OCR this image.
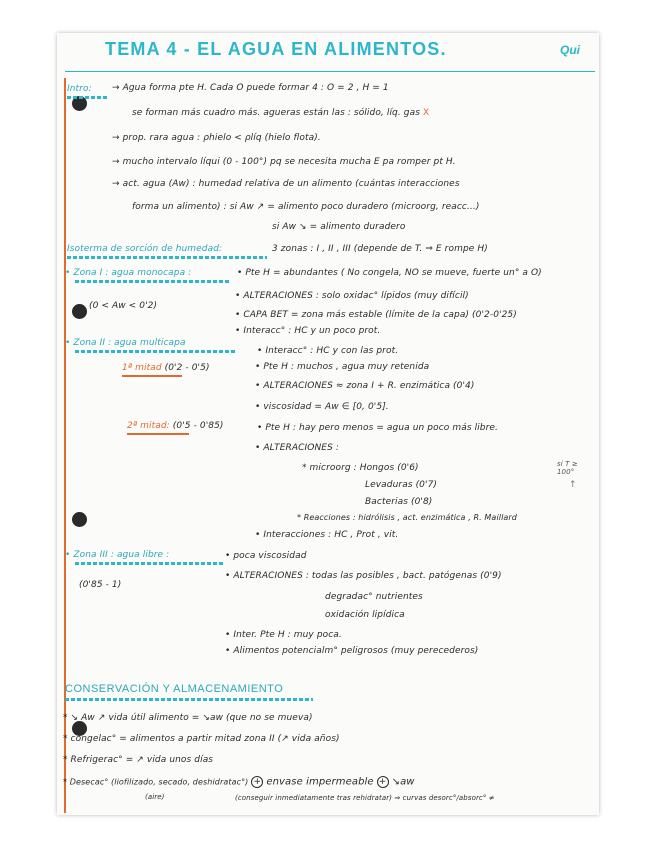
TEMA 4 - EL AGUA EN ALIMENTOS.	Qui
Intro: → Agua forma pte H. Cada O puede formar 4 : O = 2 , H = 1
se forman más cuadro más. agueras están las : sólido, líq. gas X
→ prop. rara agua : ρhielo < ρlíq (hielo flota).
→ mucho intervalo líqui (0 - 100°) pq se necesita mucha E pa romper pt H.
→ act. agua (Aw) : humedad relativa de un alimento (cuántas interacciones
forma un alimento) : si Aw ↗ = alimento poco duradero (microorg, reacc...)
si Aw ↘ = alimento duradero
Isoterma de sorción de humedad:	3 zonas : I , II , III (depende de T. ⇒ E rompe H)
• Zona I : agua monocapa :	• Pte H = abundantes ( No congela, NO se mueve, fuerte un° a O)
(0 < Aw < 0'2)
• ALTERACIONES : solo oxidac° lípidos (muy difícil)
• CAPA BET = zona más estable (límite de la capa) (0'2-0'25)
• Interacc° : HC y un poco prot.
• Zona II : agua multicapa
1ª mitad (0'2 - 0'5)
• Interacc° : HC y con las prot.
• Pte H : muchos , agua muy retenida
• ALTERACIONES ≈ zona I + R. enzimática (0'4)
• viscosidad = Aw ∈ [0, 0'5].
2ª mitad: (0'5 - 0'85)	• Pte H : hay pero menos = agua un poco más libre.
• ALTERACIONES :
* microorg : Hongos (0'6)
Levaduras (0'7)
Bacterias (0'8)
* Reacciones : hidrólisis , act. enzimática , R. Maillard
• Interacciones : HC , Prot , vit.
si T ≥ 100°
↑
• Zona III : agua libre :
(0'85 - 1)
• poca viscosidad
• ALTERACIONES : todas las posibles , bact. patógenas (0'9)
degradac° nutrientes
oxidación lipídica
• Inter. Pte H : muy poca.
• Alimentos potencialm° peligrosos (muy perecederos)
CONSERVACIÓN Y ALMACENAMIENTO
* ↘ Aw ↗ vida útil alimento = ↘aw (que no se mueva)
* congelac° = alimentos a partir mitad zona II (↗ vida años)
* Refrigerac° = ↗ vida unos días
* Desecac° (liofilizado, secado, deshidratac°) + envase impermeable + ↘aw
(aire)	(conseguir inmediatamente tras rehidratar) ⇒ curvas desorc°/absorc° ≠
